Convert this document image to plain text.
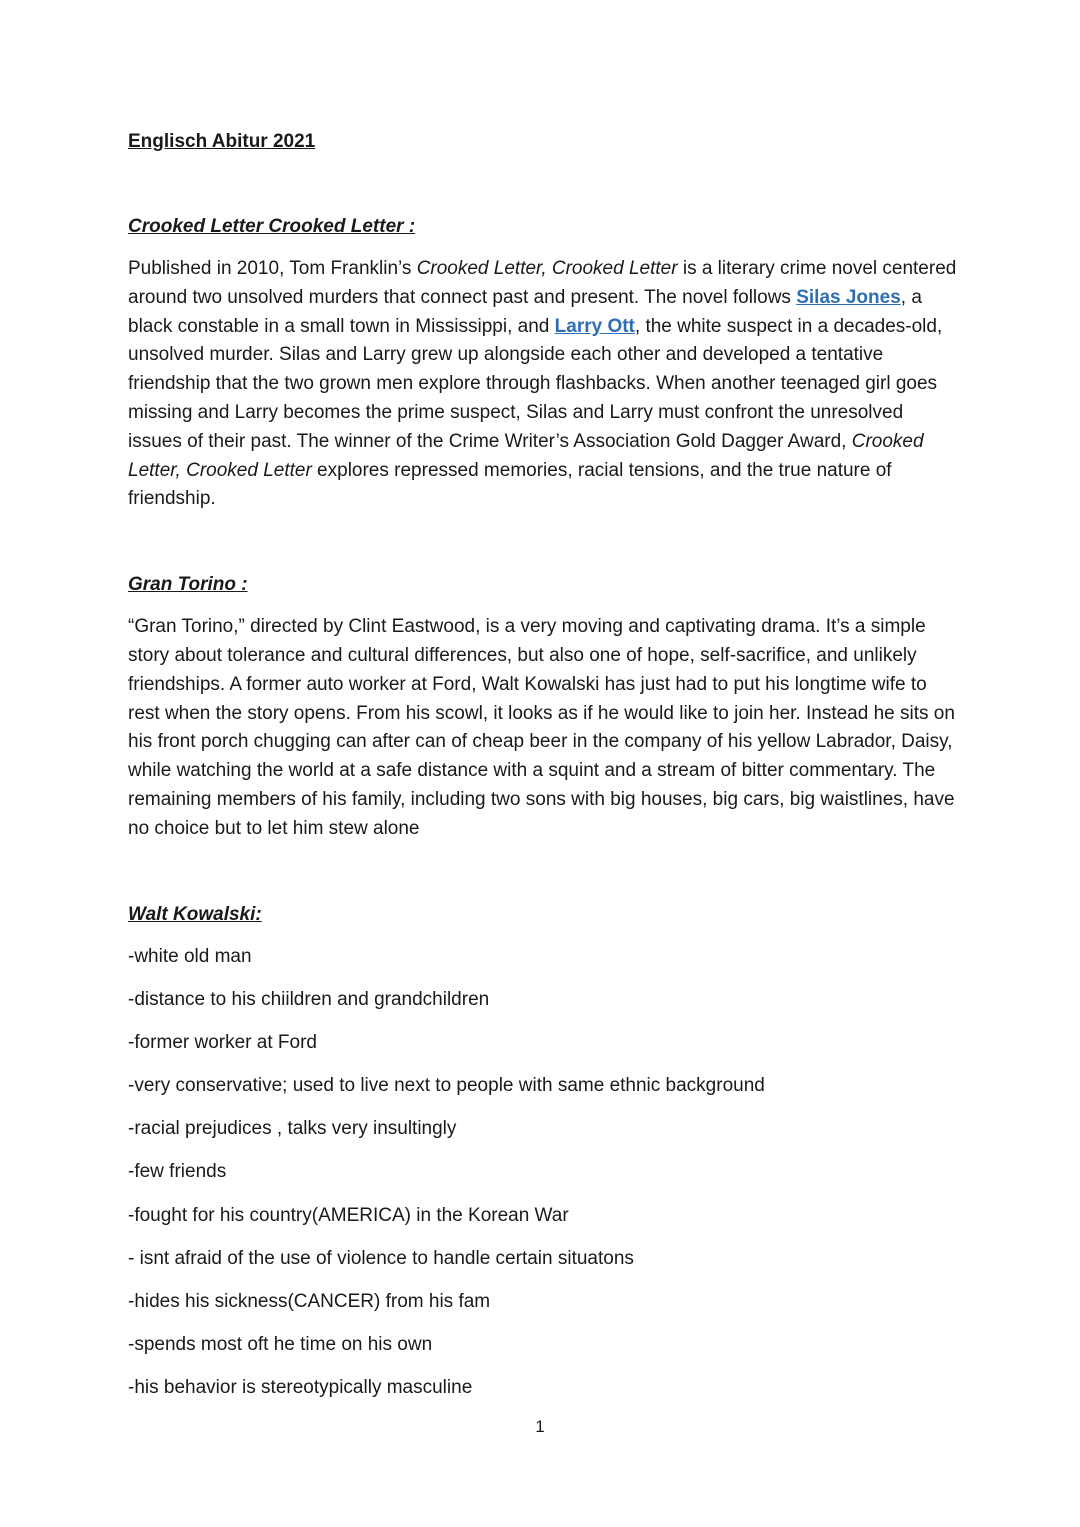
Englisch Abitur 2021
Crooked Letter Crooked Letter :

Published in 2010, Tom Franklin’s Crooked Letter, Crooked Letter is a literary crime novel centered around two unsolved murders that connect past and present. The novel follows Silas Jones, a black constable in a small town in Mississippi, and Larry Ott, the white suspect in a decades-old, unsolved murder. Silas and Larry grew up alongside each other and developed a tentative friendship that the two grown men explore through flashbacks. When another teenaged girl goes missing and Larry becomes the prime suspect, Silas and Larry must confront the unresolved issues of their past. The winner of the Crime Writer’s Association Gold Dagger Award, Crooked Letter, Crooked Letter explores repressed memories, racial tensions, and the true nature of friendship.

Gran Torino :

“Gran Torino,” directed by Clint Eastwood, is a very moving and captivating drama. It’s a simple story about tolerance and cultural differences, but also one of hope, self-sacrifice, and unlikely friendships. A former auto worker at Ford, Walt Kowalski has just had to put his longtime wife to rest when the story opens. From his scowl, it looks as if he would like to join her. Instead he sits on his front porch chugging can after can of cheap beer in the company of his yellow Labrador, Daisy, while watching the world at a safe distance with a squint and a stream of bitter commentary. The remaining members of his family, including two sons with big houses, big cars, big waistlines, have no choice but to let him stew alone

Walt Kowalski:
-white old man
-distance to his chiildren and grandchildren
-former worker at Ford
-very conservative; used to live next to people with same ethnic background
-racial prejudices , talks very insultingly
-few friends
-fought for his country(AMERICA) in the Korean War
- isnt afraid of the use of violence to handle certain situatons
-hides his sickness(CANCER) from his fam
-spends most oft he time on his own
-his behavior is stereotypically masculine
1
